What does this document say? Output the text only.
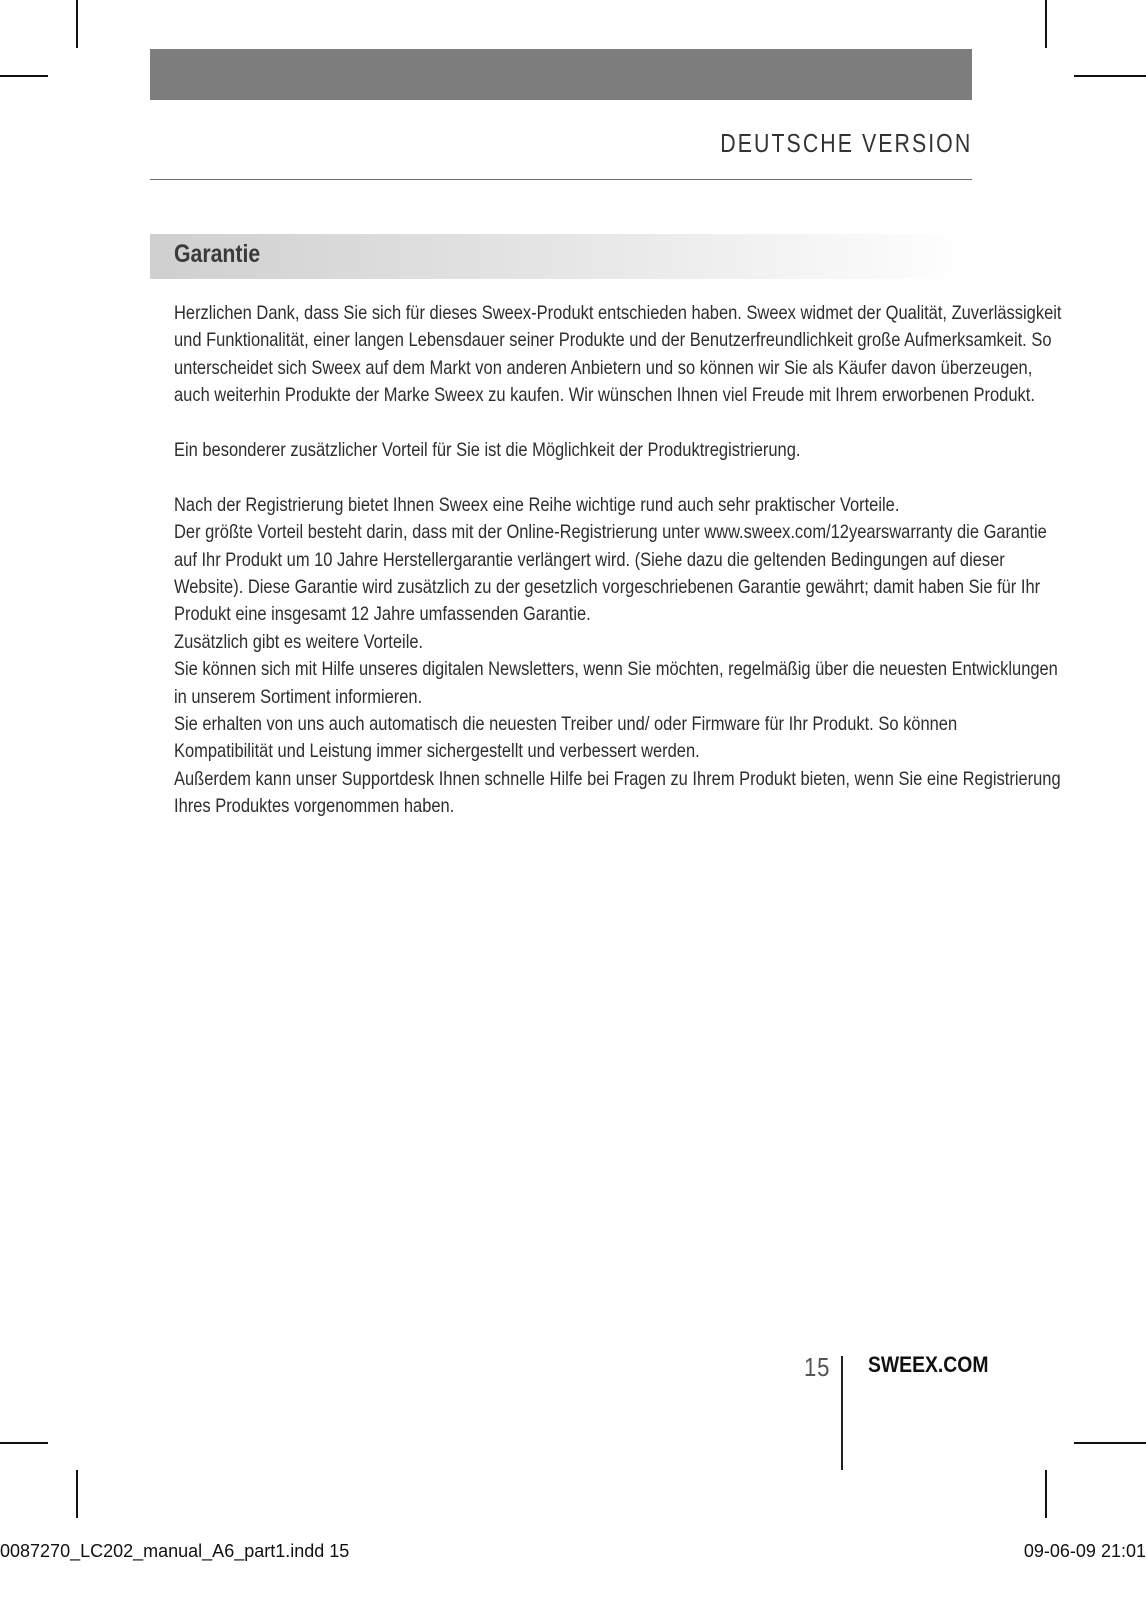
DEUTSCHE VERSION
Garantie
Herzlichen Dank, dass Sie sich für dieses Sweex-Produkt entschieden haben. Sweex widmet der Qualität, Zuverlässigkeit
und Funktionalität, einer langen Lebensdauer seiner Produkte und der Benutzerfreundlichkeit große Aufmerksamkeit. So
unterscheidet sich Sweex auf dem Markt von anderen Anbietern und so können wir Sie als Käufer davon überzeugen,
auch weiterhin Produkte der Marke Sweex zu kaufen. Wir wünschen Ihnen viel Freude mit Ihrem erworbenen Produkt.
Ein besonderer zusätzlicher Vorteil für Sie ist die Möglichkeit der Produktregistrierung.
Nach der Registrierung bietet Ihnen Sweex eine Reihe wichtige rund auch sehr praktischer Vorteile.
Der größte Vorteil besteht darin, dass mit der Online-Registrierung unter www.sweex.com/12yearswarranty die Garantie
auf Ihr Produkt um 10 Jahre Herstellergarantie verlängert wird. (Siehe dazu die geltenden Bedingungen auf dieser
Website). Diese Garantie wird zusätzlich zu der gesetzlich vorgeschriebenen Garantie gewährt; damit haben Sie für Ihr
Produkt eine insgesamt 12 Jahre umfassenden Garantie.
Zusätzlich gibt es weitere Vorteile.
Sie können sich mit Hilfe unseres digitalen Newsletters, wenn Sie möchten, regelmäßig über die neuesten Entwicklungen
in unserem Sortiment informieren.
Sie erhalten von uns auch automatisch die neuesten Treiber und/ oder Firmware für Ihr Produkt. So können
Kompatibilität und Leistung immer sichergestellt und verbessert werden.
Außerdem kann unser Supportdesk Ihnen schnelle Hilfe bei Fragen zu Ihrem Produkt bieten, wenn Sie eine Registrierung
Ihres Produktes vorgenommen haben.
15 SWEEX.COM
0087270_LC202_manual_A6_part1.indd 15	09-06-09 21:01
